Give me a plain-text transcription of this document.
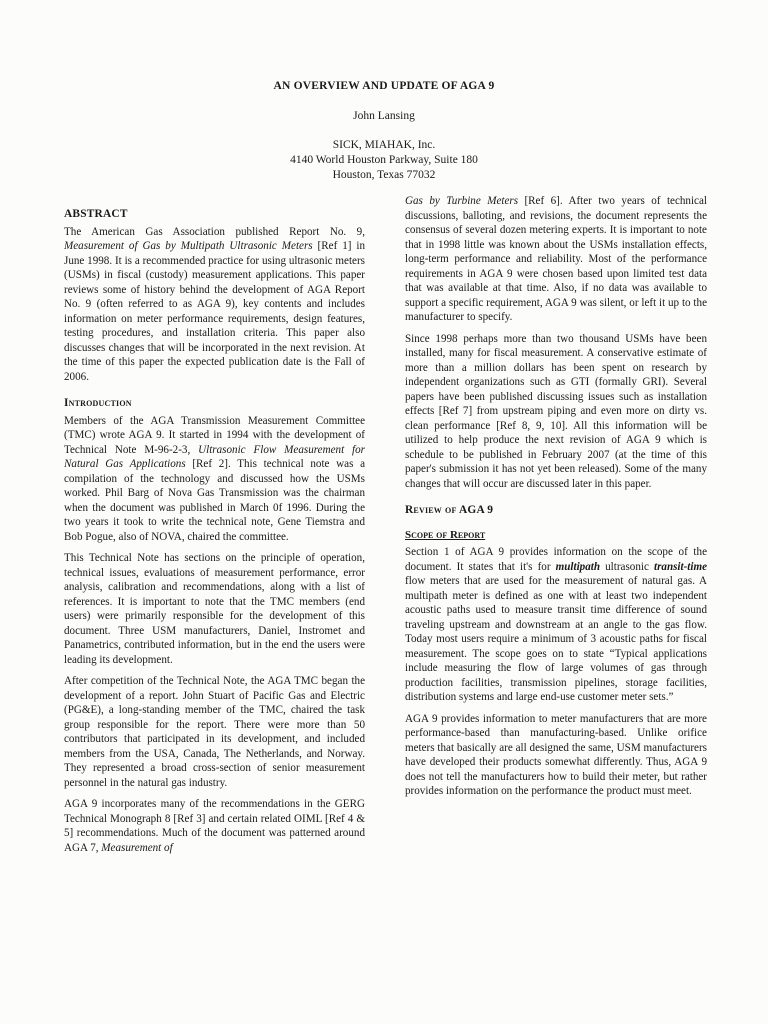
AN OVERVIEW AND UPDATE OF AGA 9
John Lansing
SICK, MIAHAK, Inc.
4140 World Houston Parkway, Suite 180
Houston, Texas 77032
ABSTRACT

The American Gas Association published Report No. 9, Measurement of Gas by Multipath Ultrasonic Meters [Ref 1] in June 1998. It is a recommended practice for using ultrasonic meters (USMs) in fiscal (custody) measurement applications. This paper reviews some of history behind the development of AGA Report No. 9 (often referred to as AGA 9), key contents and includes information on meter performance requirements, design features, testing procedures, and installation criteria. This paper also discusses changes that will be incorporated in the next revision. At the time of this paper the expected publication date is the Fall of 2006.

Introduction

Members of the AGA Transmission Measurement Committee (TMC) wrote AGA 9. It started in 1994 with the development of Technical Note M-96-2-3, Ultrasonic Flow Measurement for Natural Gas Applications [Ref 2]. This technical note was a compilation of the technology and discussed how the USMs worked. Phil Barg of Nova Gas Transmission was the chairman when the document was published in March 0f 1996. During the two years it took to write the technical note, Gene Tiemstra and Bob Pogue, also of NOVA, chaired the committee.

This Technical Note has sections on the principle of operation, technical issues, evaluations of measurement performance, error analysis, calibration and recommendations, along with a list of references. It is important to note that the TMC members (end users) were primarily responsible for the development of this document. Three USM manufacturers, Daniel, Instromet and Panametrics, contributed information, but in the end the users were leading its development.

After competition of the Technical Note, the AGA TMC began the development of a report. John Stuart of Pacific Gas and Electric (PG&E), a long-standing member of the TMC, chaired the task group responsible for the report. There were more than 50 contributors that participated in its development, and included members from the USA, Canada, The Netherlands, and Norway. They represented a broad cross-section of senior measurement personnel in the natural gas industry.

AGA 9 incorporates many of the recommendations in the GERG Technical Monograph 8 [Ref 3] and certain related OIML [Ref 4 & 5] recommendations. Much of the document was patterned around AGA 7, Measurement of

Gas by Turbine Meters [Ref 6]. After two years of technical discussions, balloting, and revisions, the document represents the consensus of several dozen metering experts. It is important to note that in 1998 little was known about the USMs installation effects, long-term performance and reliability. Most of the performance requirements in AGA 9 were chosen based upon limited test data that was available at that time. Also, if no data was available to support a specific requirement, AGA 9 was silent, or left it up to the manufacturer to specify.

Since 1998 perhaps more than two thousand USMs have been installed, many for fiscal measurement. A conservative estimate of more than a million dollars has been spent on research by independent organizations such as GTI (formally GRI). Several papers have been published discussing issues such as installation effects [Ref 7] from upstream piping and even more on dirty vs. clean performance [Ref 8, 9, 10]. All this information will be utilized to help produce the next revision of AGA 9 which is schedule to be published in February 2007 (at the time of this paper's submission it has not yet been released). Some of the many changes that will occur are discussed later in this paper.

Review of AGA 9
Scope of Report

Section 1 of AGA 9 provides information on the scope of the document. It states that it's for multipath ultrasonic transit-time flow meters that are used for the measurement of natural gas. A multipath meter is defined as one with at least two independent acoustic paths used to measure transit time difference of sound traveling upstream and downstream at an angle to the gas flow. Today most users require a minimum of 3 acoustic paths for fiscal measurement. The scope goes on to state “Typical applications include measuring the flow of large volumes of gas through production facilities, transmission pipelines, storage facilities, distribution systems and large end-use customer meter sets.”

AGA 9 provides information to meter manufacturers that are more performance-based than manufacturing-based. Unlike orifice meters that basically are all designed the same, USM manufacturers have developed their products somewhat differently. Thus, AGA 9 does not tell the manufacturers how to build their meter, but rather provides information on the performance the product must meet.
